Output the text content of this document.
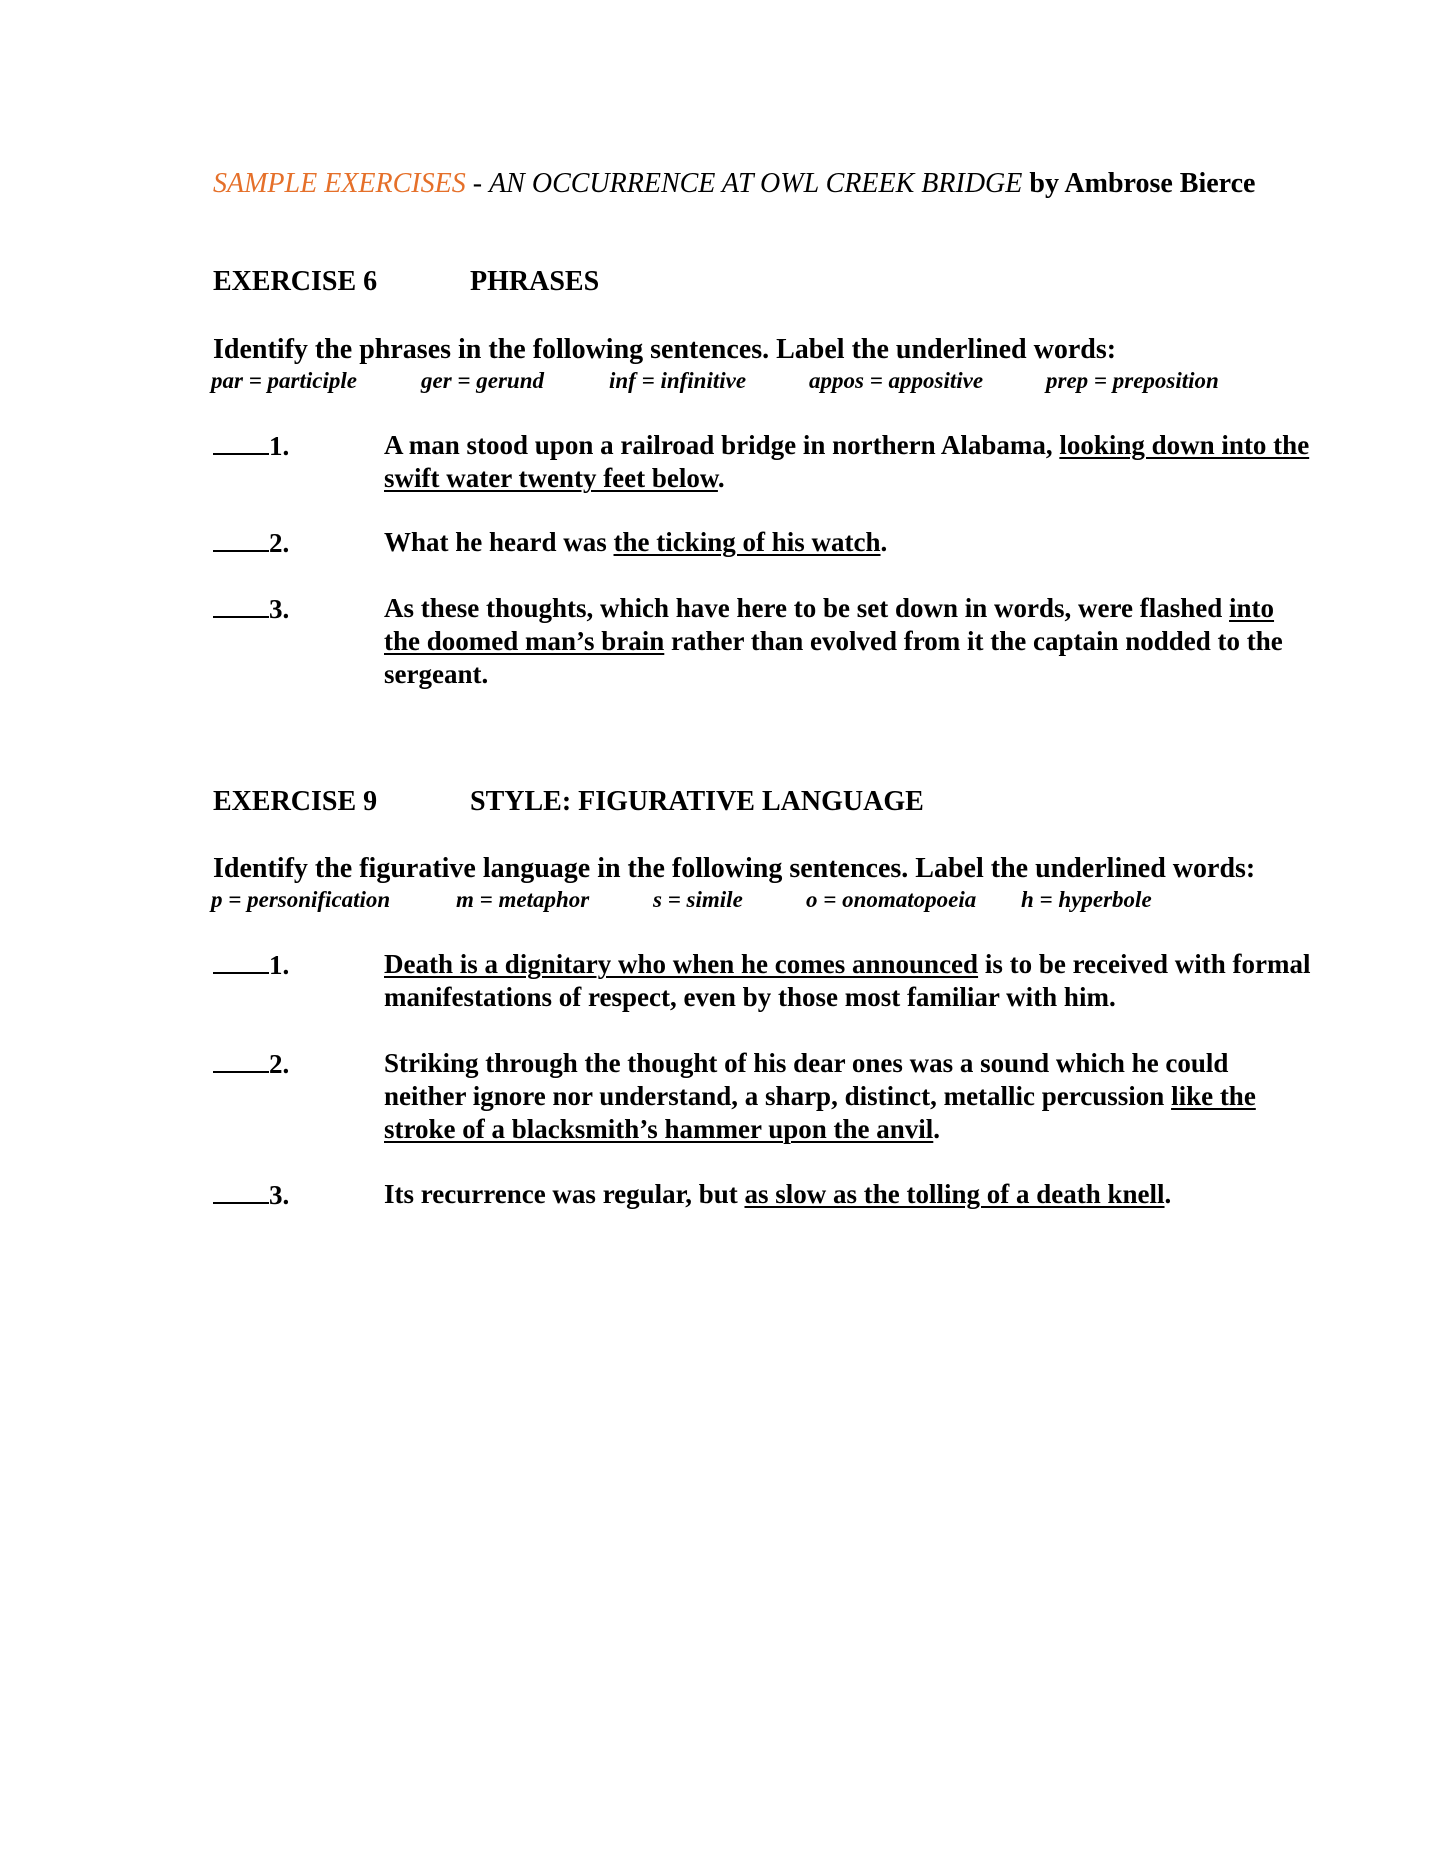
SAMPLE EXERCISES - AN OCCURRENCE AT OWL CREEK BRIDGE by Ambrose Bierce
EXERCISE 6	PHRASES
Identify the phrases in the following sentences. Label the underlined words:
par = participle	ger = gerund	inf = infinitive	appos = appositive	prep = preposition
1.	A man stood upon a railroad bridge in northern Alabama, looking down into the swift water twenty feet below.
2.	What he heard was the ticking of his watch.
3.	As these thoughts, which have here to be set down in words, were flashed into the doomed man’s brain rather than evolved from it the captain nodded to the sergeant.
EXERCISE 9	STYLE: FIGURATIVE LANGUAGE
Identify the figurative language in the following sentences. Label the underlined words:
p = personification	m = metaphor	s = simile	o = onomatopoeia h = hyperbole
1.	Death is a dignitary who when he comes announced is to be received with formal manifestations of respect, even by those most familiar with him.
2.	Striking through the thought of his dear ones was a sound which he could neither ignore nor understand, a sharp, distinct, metallic percussion like the stroke of a blacksmith’s hammer upon the anvil.
3.	Its recurrence was regular, but as slow as the tolling of a death knell.
